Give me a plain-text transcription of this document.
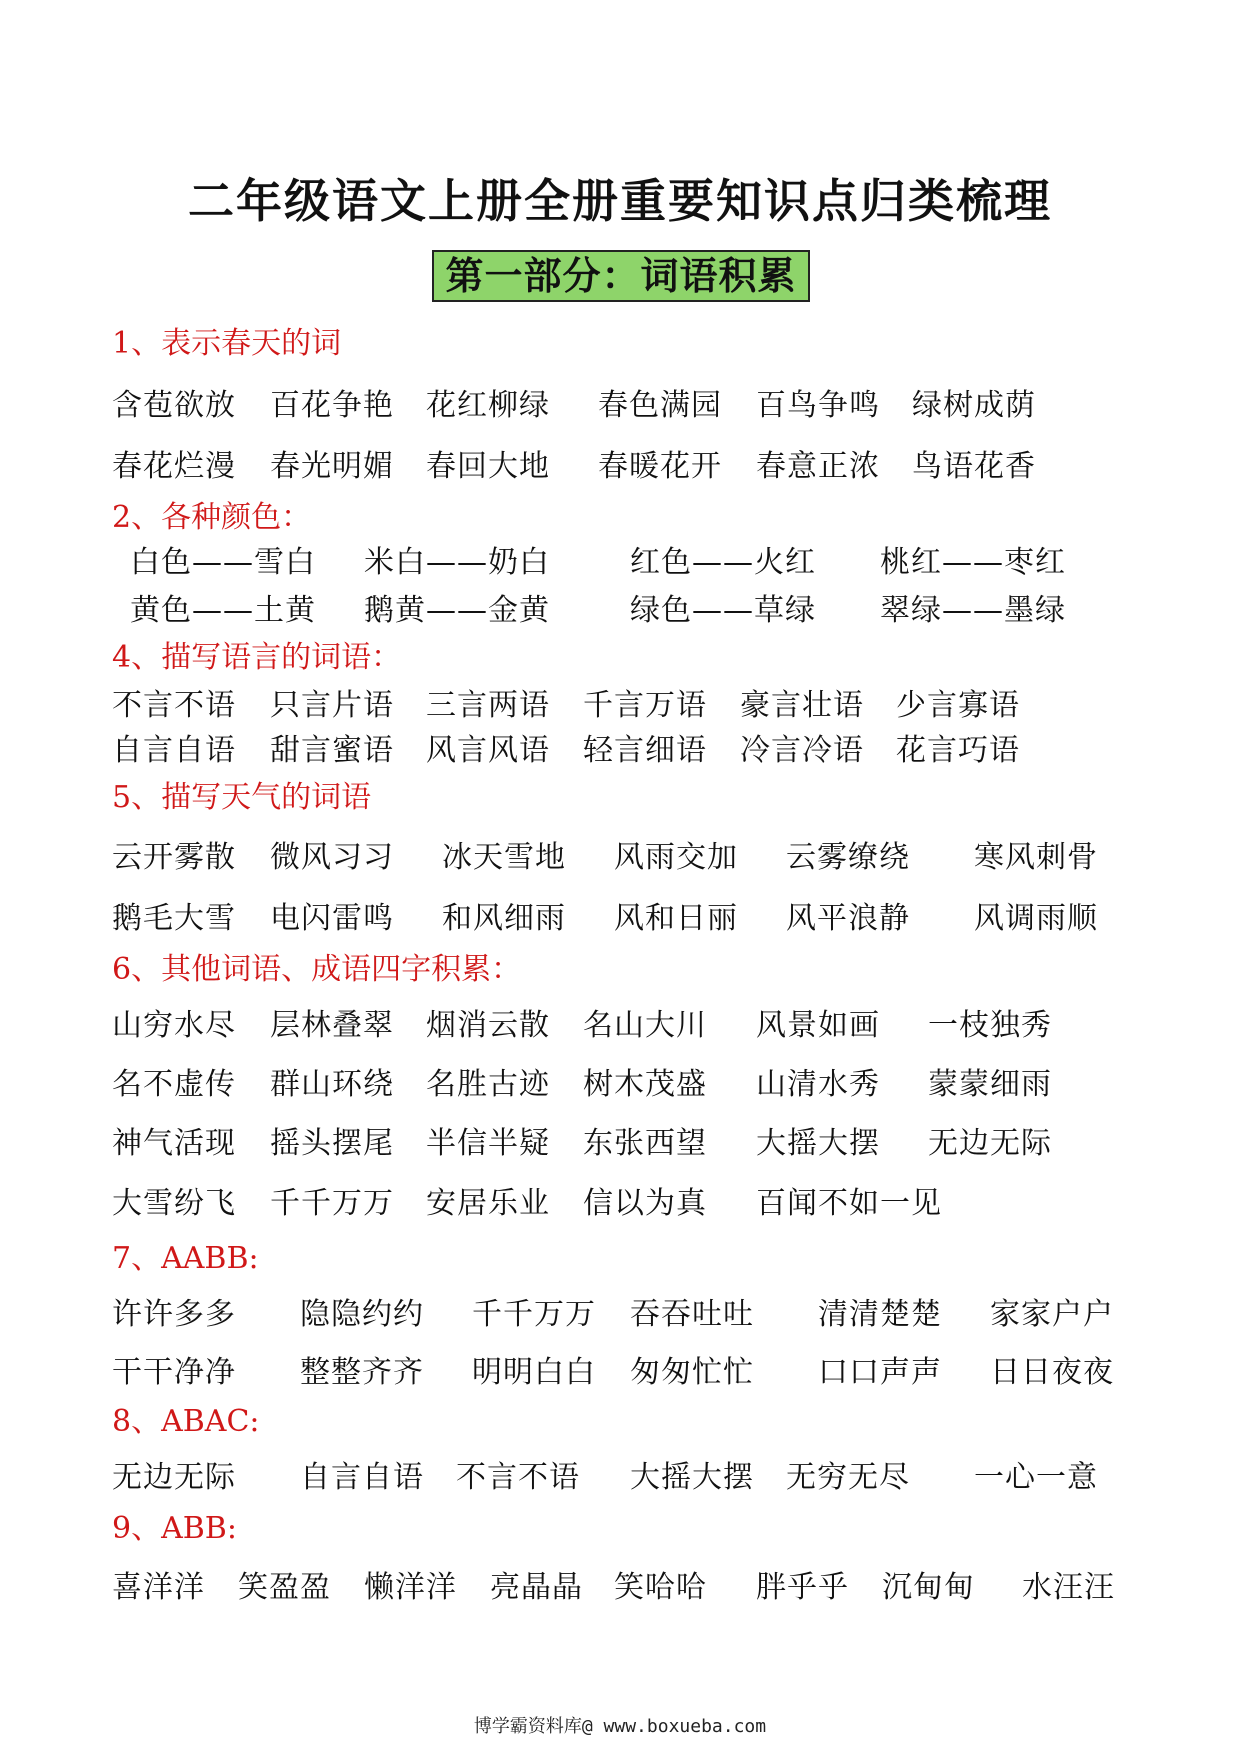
二年级语文上册全册重要知识点归类梳理
第一部分：词语积累
1、表示春天的词
含苞欲放 百花争艳 花红柳绿 春色满园 百鸟争鸣 绿树成荫
春花烂漫 春光明媚 春回大地 春暖花开 春意正浓 鸟语花香
2、各种颜色：
白色——雪白 米白——奶白	红色——火红 桃红——枣红
黄色——土黄 鹅黄——金黄	绿色——草绿 翠绿——墨绿
4、描写语言的词语：
不言不语 只言片语 三言两语 千言万语 豪言壮语 少言寡语
自言自语 甜言蜜语 风言风语 轻言细语 冷言冷语 花言巧语
5、描写天气的词语
云开雾散 微风习习 冰天雪地 风雨交加 云雾缭绕 寒风刺骨
鹅毛大雪 电闪雷鸣 和风细雨 风和日丽 风平浪静 风调雨顺
6、其他词语、成语四字积累：
山穷水尽 层林叠翠 烟消云散 名山大川 风景如画 一枝独秀
名不虚传 群山环绕 名胜古迹 树木茂盛 山清水秀 蒙蒙细雨
神气活现 摇头摆尾 半信半疑 东张西望 大摇大摆 无边无际
大雪纷飞 千千万万 安居乐业 信以为真 百闻不如一见
7、AABB:
许许多多 隐隐约约 千千万万 吞吞吐吐 清清楚楚 家家户户
干干净净 整整齐齐 明明白白 匆匆忙忙 口口声声 日日夜夜
8、ABAC:
无边无际 自言自语 不言不语 大摇大摆 无穷无尽 一心一意
9、ABB:
喜洋洋 笑盈盈 懒洋洋 亮晶晶 笑哈哈 胖乎乎 沉甸甸 水汪汪
博学霸资料库@ www.boxueba.com
